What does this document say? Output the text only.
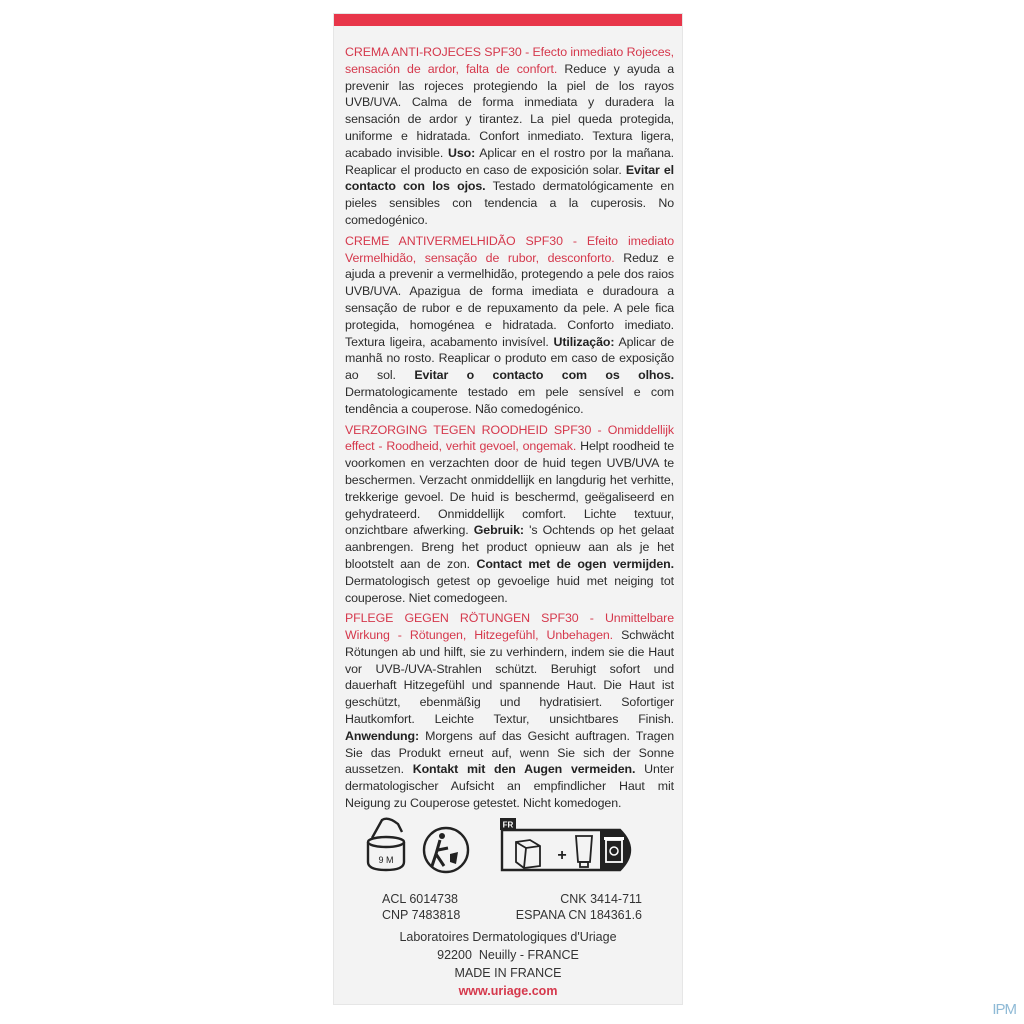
CREMA ANTI-ROJECES SPF30 - Efecto inmediato Rojeces, sensación de ardor, falta de confort. Reduce y ayuda a prevenir las rojeces protegiendo la piel de los rayos UVB/UVA. Calma de forma inmediata y duradera la sensación de ardor y tirantez. La piel queda protegida, uniforme e hidratada. Confort inmediato. Textura ligera, acabado invisible. Uso: Aplicar en el rostro por la mañana. Reaplicar el producto en caso de exposición solar. Evitar el contacto con los ojos. Testado dermatológicamente en pieles sensibles con tendencia a la cuperosis. No comedogénico.
CREME ANTIVERMELHIDÃO SPF30 - Efeito imediato Vermelhidão, sensação de rubor, desconforto. Reduz e ajuda a prevenir a vermelhidão, protegendo a pele dos raios UVB/UVA. Apazigua de forma imediata e duradoura a sensação de rubor e de repuxamento da pele. A pele fica protegida, homogénea e hidratada. Conforto imediato. Textura ligeira, acabamento invisível. Utilização: Aplicar de manhã no rosto. Reaplicar o produto em caso de exposição ao sol. Evitar o contacto com os olhos. Dermatologicamente testado em pele sensível e com tendência a couperose. Não comedogénico.
VERZORGING TEGEN ROODHEID SPF30 - Onmiddellijk effect - Roodheid, verhit gevoel, ongemak. Helpt roodheid te voorkomen en verzachten door de huid tegen UVB/UVA te beschermen. Verzacht onmiddellijk en langdurig het verhitte, trekkerige gevoel. De huid is beschermd, geëgaliseerd en gehydrateerd. Onmiddellijk comfort. Lichte textuur, onzichtbare afwerking. Gebruik: 's Ochtends op het gelaat aanbrengen. Breng het product opnieuw aan als je het blootstelt aan de zon. Contact met de ogen vermijden. Dermatologisch getest op gevoelige huid met neiging tot couperose. Niet comedogeen.
PFLEGE GEGEN RÖTUNGEN SPF30 - Unmittelbare Wirkung - Rötungen, Hitzegefühl, Unbehagen. Schwächt Rötungen ab und hilft, sie zu verhindern, indem sie die Haut vor UVB-/UVA-Strahlen schützt. Beruhigt sofort und dauerhaft Hitzegefühl und spannende Haut. Die Haut ist geschützt, ebenmäßig und hydratisiert. Sofortiger Hautkomfort. Leichte Textur, unsichtbares Finish. Anwendung: Morgens auf das Gesicht auftragen. Tragen Sie das Produkt erneut auf, wenn Sie sich der Sonne aussetzen. Kontakt mit den Augen vermeiden. Unter dermatologischer Aufsicht an empfindlicher Haut mit Neigung zu Couperose getestet. Nicht komedogen.
9 M
FR
+
ACL 6014738	CNK 3414-711
CNP 7483818	ESPANA CN 184361.6
Laboratoires Dermatologiques d'Uriage
92200  Neuilly - FRANCE
MADE IN FRANCE
www.uriage.com
IPM
